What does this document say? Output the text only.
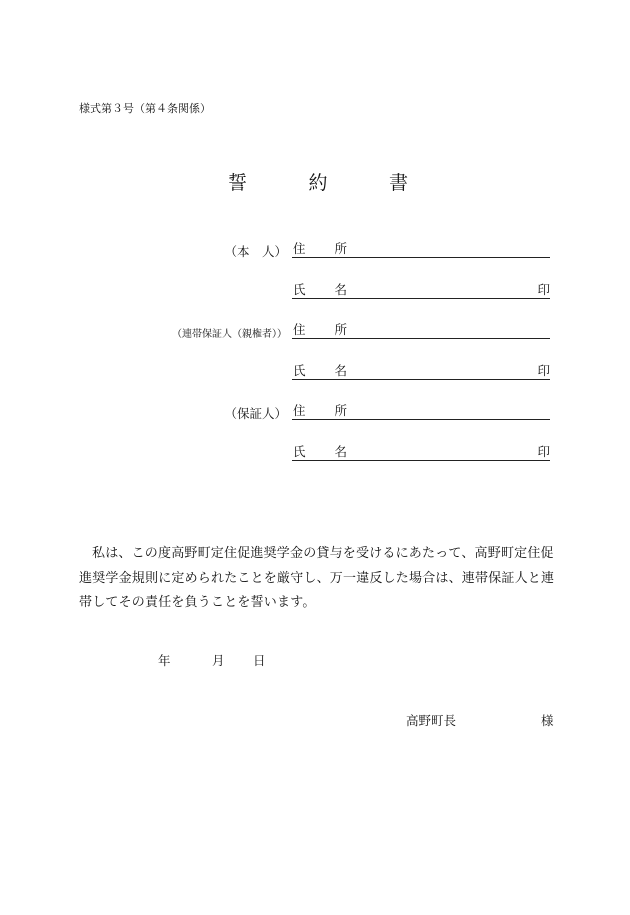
様式第３号（第４条関係）
誓	約	書
（本　人） 住 所
氏 名	印
（連帯保証人（親権者）） 住 所
氏 名	印
（保証人） 住 所
氏 名	印
私は、この度高野町定住促進奨学金の貸与を受けるにあたって、高野町定住促進奨学金規則に定められたことを厳守し、万一違反した場合は、連帯保証人と連帯してその責任を負うことを誓います。
年	月 日
高野町長	様
